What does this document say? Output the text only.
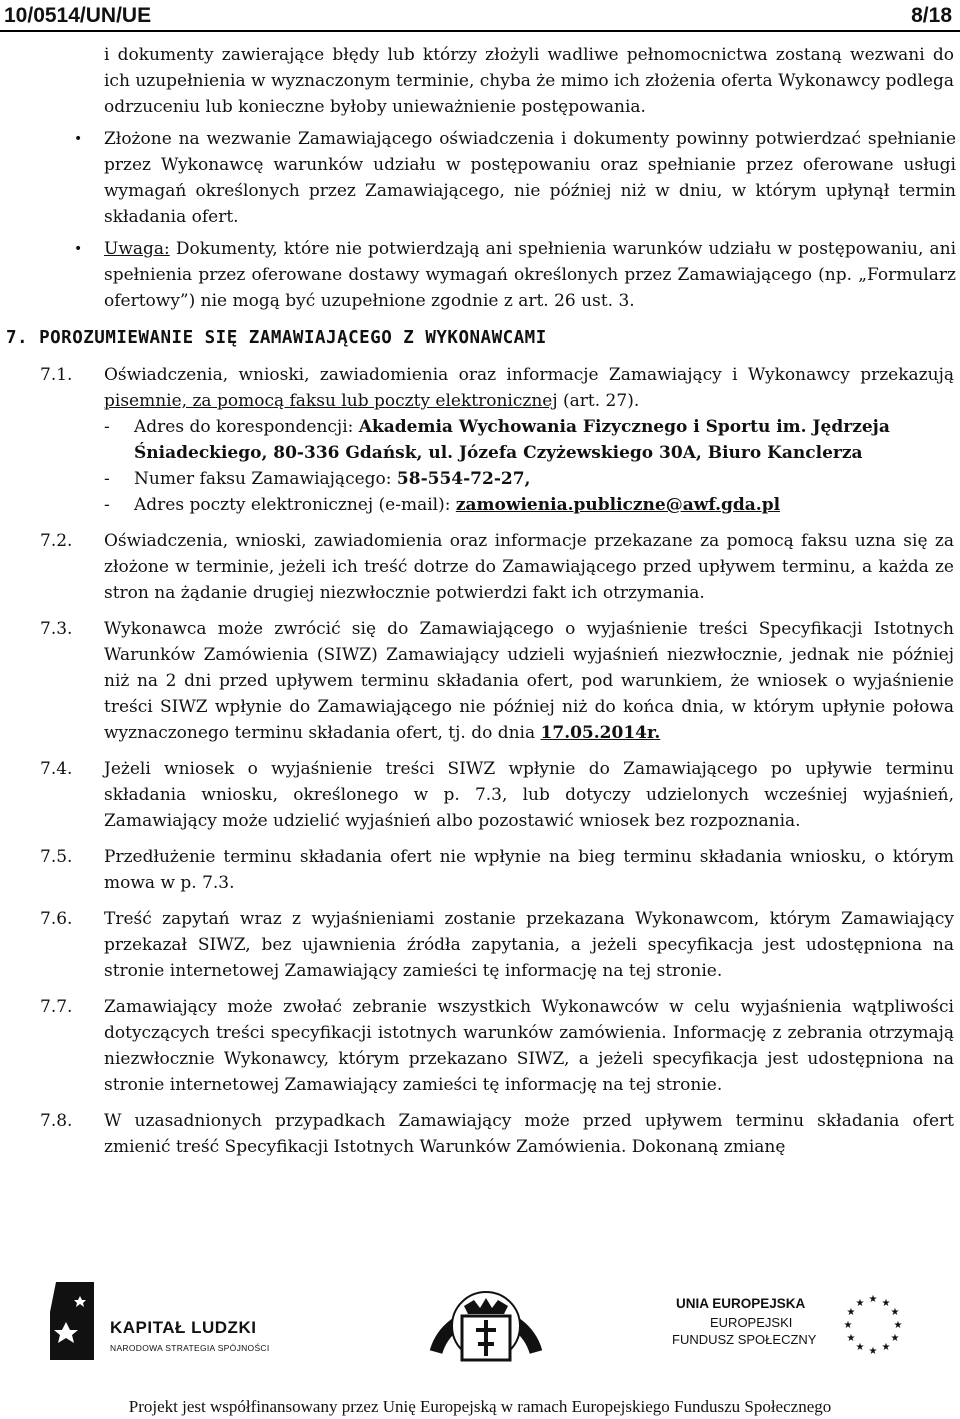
10/0514/UN/UE	8/18

i dokumenty zawierające błędy lub którzy złożyli wadliwe pełnomocnictwa zostaną wezwani do ich uzupełnienia w wyznaczonym terminie, chyba że mimo ich złożenia oferta Wykonawcy podlega odrzuceniu lub konieczne byłoby unieważnienie postępowania.

• Złożone na wezwanie Zamawiającego oświadczenia i dokumenty powinny potwierdzać spełnianie przez Wykonawcę warunków udziału w postępowaniu oraz spełnianie przez oferowane usługi wymagań określonych przez Zamawiającego, nie później niż w dniu, w którym upłynął termin składania ofert.

• Uwaga: Dokumenty, które nie potwierdzają ani spełnienia warunków udziału w postępowaniu, ani spełnienia przez oferowane dostawy wymagań określonych przez Zamawiającego (np. „Formularz ofertowy”) nie mogą być uzupełnione zgodnie z art. 26 ust. 3.

7. POROZUMIEWANIE SIĘ ZAMAWIAJĄCEGO Z WYKONAWCAMI

7.1. Oświadczenia, wnioski, zawiadomienia oraz informacje Zamawiający i Wykonawcy przekazują pisemnie, za pomocą faksu lub poczty elektronicznej (art. 27).

- Adres do korespondencji: Akademia Wychowania Fizycznego i Sportu im. Jędrzeja

Śniadeckiego, 80-336 Gdańsk, ul. Józefa Czyżewskiego 30A, Biuro Kanclerza

- Numer faksu Zamawiającego: 58-554-72-27,

- Adres poczty elektronicznej (e-mail): zamowienia.publiczne@awf.gda.pl

7.2. Oświadczenia, wnioski, zawiadomienia oraz informacje przekazane za pomocą faksu uzna się za złożone w terminie, jeżeli ich treść dotrze do Zamawiającego przed upływem terminu, a każda ze stron na żądanie drugiej niezwłocznie potwierdzi fakt ich otrzymania.

7.3. Wykonawca może zwrócić się do Zamawiającego o wyjaśnienie treści Specyfikacji Istotnych Warunków Zamówienia (SIWZ) Zamawiający udzieli wyjaśnień niezwłocznie, jednak nie później niż na 2 dni przed upływem terminu składania ofert, pod warunkiem, że wniosek o wyjaśnienie treści SIWZ wpłynie do Zamawiającego nie później niż do końca dnia, w którym upłynie połowa wyznaczonego terminu składania ofert, tj. do dnia 17.05.2014r.

7.4. Jeżeli wniosek o wyjaśnienie treści SIWZ wpłynie do Zamawiającego po upływie terminu składania wniosku, określonego w p. 7.3, lub dotyczy udzielonych wcześniej wyjaśnień, Zamawiający może udzielić wyjaśnień albo pozostawić wniosek bez rozpoznania.

7.5. Przedłużenie terminu składania ofert nie wpłynie na bieg terminu składania wniosku, o którym mowa w p. 7.3.

7.6. Treść zapytań wraz z wyjaśnieniami zostanie przekazana Wykonawcom, którym Zamawiający przekazał SIWZ, bez ujawnienia źródła zapytania, a jeżeli specyfikacja jest udostępniona na stronie internetowej Zamawiający zamieści tę informację na tej stronie.

7.7. Zamawiający może zwołać zebranie wszystkich Wykonawców w celu wyjaśnienia wątpliwości dotyczących treści specyfikacji istotnych warunków zamówienia. Informację z zebrania otrzymają niezwłocznie Wykonawcy, którym przekazano SIWZ, a jeżeli specyfikacja jest udostępniona na stronie internetowej Zamawiający zamieści tę informację na tej stronie.

7.8. W uzasadnionych przypadkach Zamawiający może przed upływem terminu składania ofert zmienić treść Specyfikacji Istotnych Warunków Zamówienia. Dokonaną zmianę

KAPITAŁ LUDZKI
NARODOWA STRATEGIA SPÓJNOŚCI
UNIA EUROPEJSKA
EUROPEJSKI
FUNDUSZ SPOŁECZNY
★ ★
★
★
★
★
★
★
★
★
★
★
Projekt jest współfinansowany przez Unię Europejską w ramach Europejskiego Funduszu Społecznego
